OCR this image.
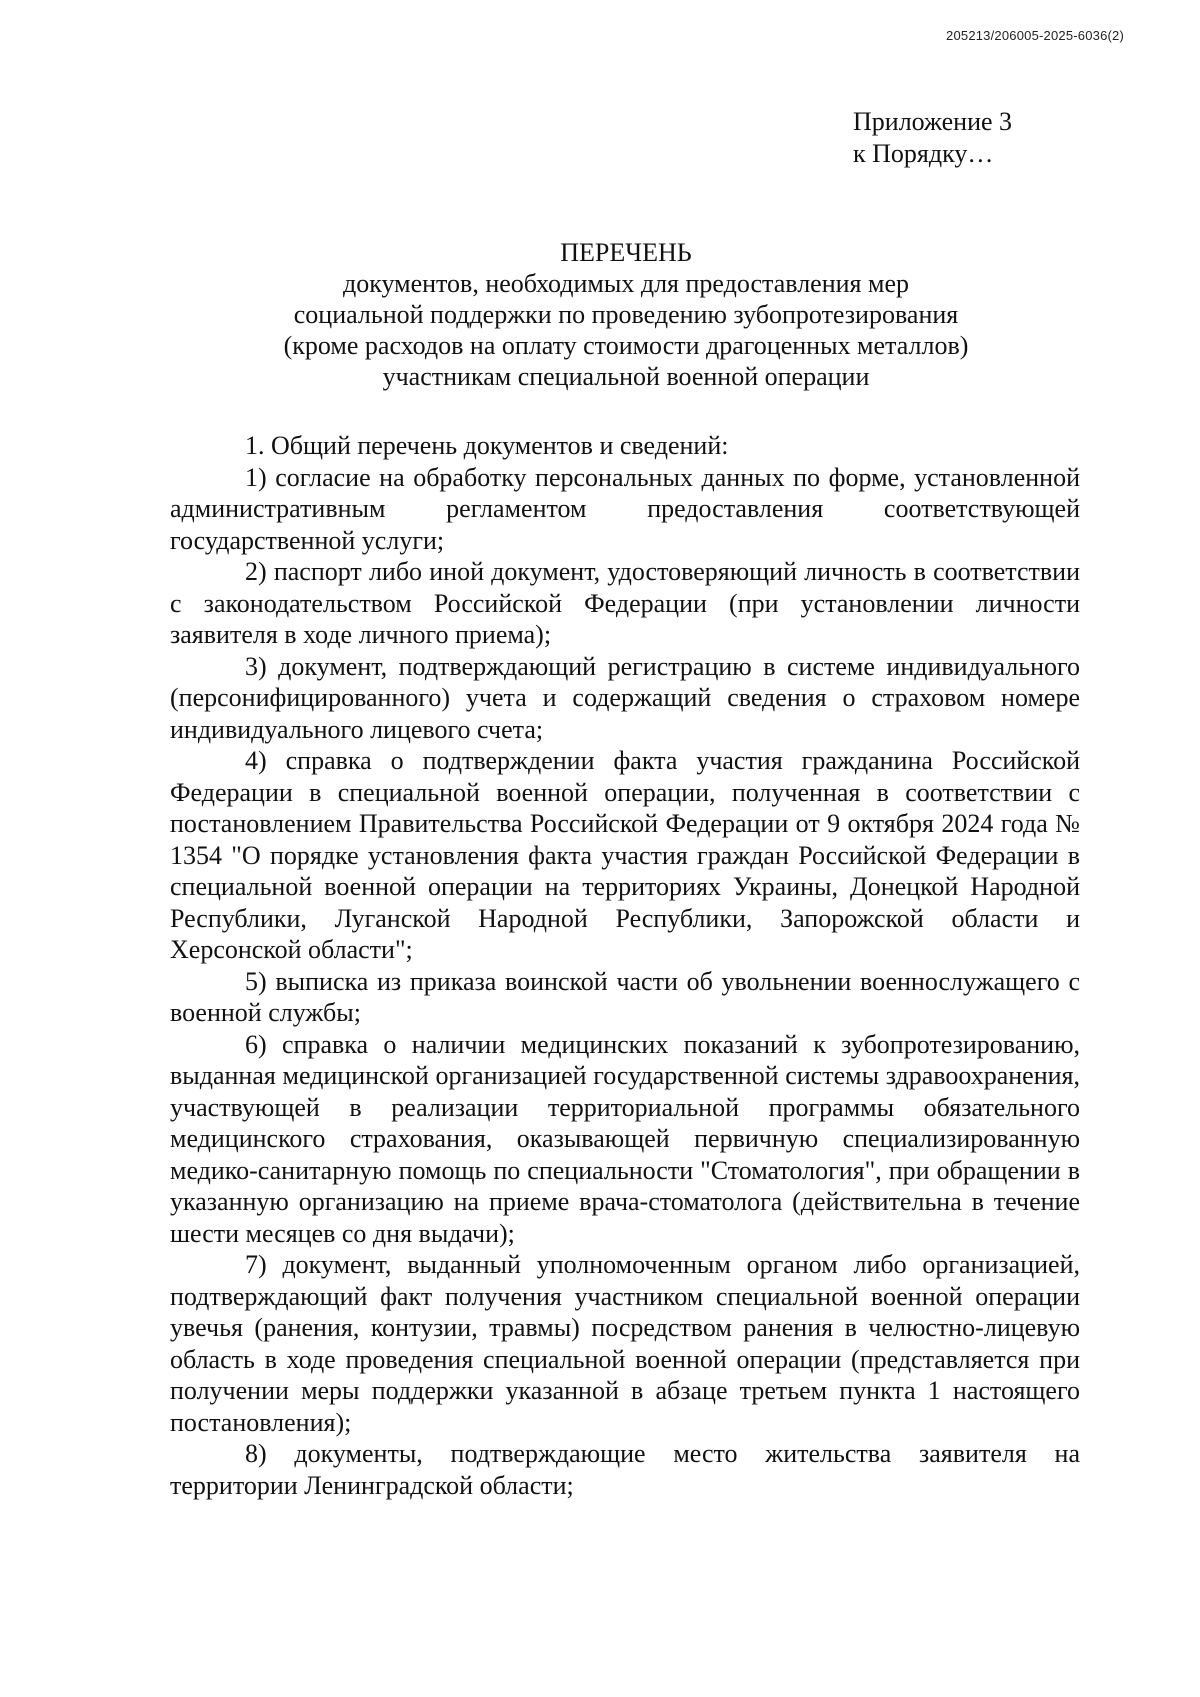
205213/206005-2025-6036(2)
Приложение 3
к Порядку…
ПЕРЕЧЕНЬ
документов, необходимых для предоставления мер
социальной поддержки по проведению зубопротезирования
(кроме расходов на оплату стоимости драгоценных металлов)
участникам специальной военной операции

1. Общий перечень документов и сведений:

1) согласие на обработку персональных данных по форме, установленной административным регламентом предоставления соответствующей государственной услуги;

2) паспорт либо иной документ, удостоверяющий личность в соответствии с законодательством Российской Федерации (при установлении личности заявителя в ходе личного приема);

3) документ, подтверждающий регистрацию в системе индивидуального (персонифицированного) учета и содержащий сведения о страховом номере индивидуального лицевого счета;

4) справка о подтверждении факта участия гражданина Российской Федерации в специальной военной операции, полученная в соответствии с постановлением Правительства Российской Федерации от 9 октября 2024 года № 1354 "О порядке установления факта участия граждан Российской Федерации в специальной военной операции на территориях Украины, Донецкой Народной Республики, Луганской Народной Республики, Запорожской области и Херсонской области";

5) выписка из приказа воинской части об увольнении военнослужащего с военной службы;

6) справка о наличии медицинских показаний к зубопротезированию, выданная медицинской организацией государственной системы здравоохранения, участвующей в реализации территориальной программы обязательного медицинского страхования, оказывающей первичную специализированную медико-санитарную помощь по специальности "Стоматология", при обращении в указанную организацию на приеме врача-стоматолога (действительна в течение шести месяцев со дня выдачи);

7) документ, выданный уполномоченным органом либо организацией, подтверждающий факт получения участником специальной военной операции увечья (ранения, контузии, травмы) посредством ранения в челюстно-лицевую область в ходе проведения специальной военной операции (представляется при получении меры поддержки указанной в абзаце третьем пункта 1 настоящего постановления);

8) документы, подтверждающие место жительства заявителя на территории Ленинградской области;
